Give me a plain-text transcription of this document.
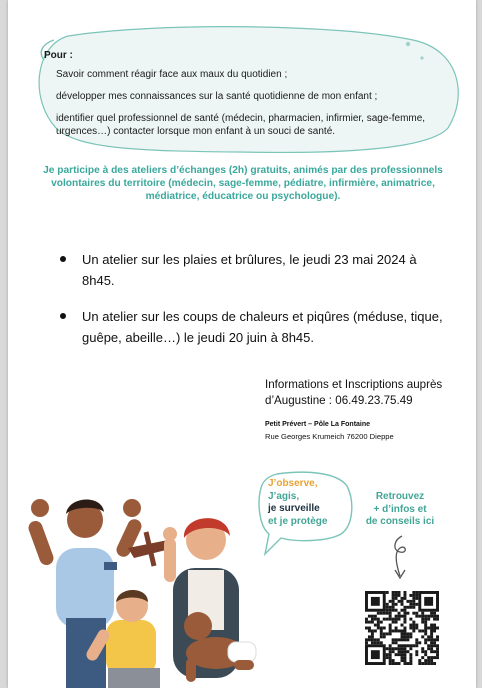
Pour :

Savoir comment réagir face aux maux du quotidien ;

développer mes connaissances sur la santé quotidienne de mon enfant ;

identifier quel professionnel de santé (médecin, pharmacien, infirmier, sage-femme, urgences…) contacter lorsque mon enfant à un souci de santé.

Je participe à des ateliers d’échanges (2h) gratuits, animés par des professionnels volontaires du territoire (médecin, sage-femme, pédiatre, infirmière, animatrice, médiatrice, éducatrice ou psychologue).

Un atelier sur les plaies et brûlures, le jeudi 23 mai 2024 à 8h45.
Un atelier sur les coups de chaleurs et piqûres (méduse, tique, guêpe, abeille…) le jeudi 20 juin à 8h45.

Informations et Inscriptions auprès d’Augustine : 06.49.23.75.49

Petit Prévert – Pôle La Fontaine

Rue Georges Krumeich 76200 Dieppe

J’observe,
J’agis,
je surveille
et je protège
Retrouvez
+ d’infos et
de conseils ici
